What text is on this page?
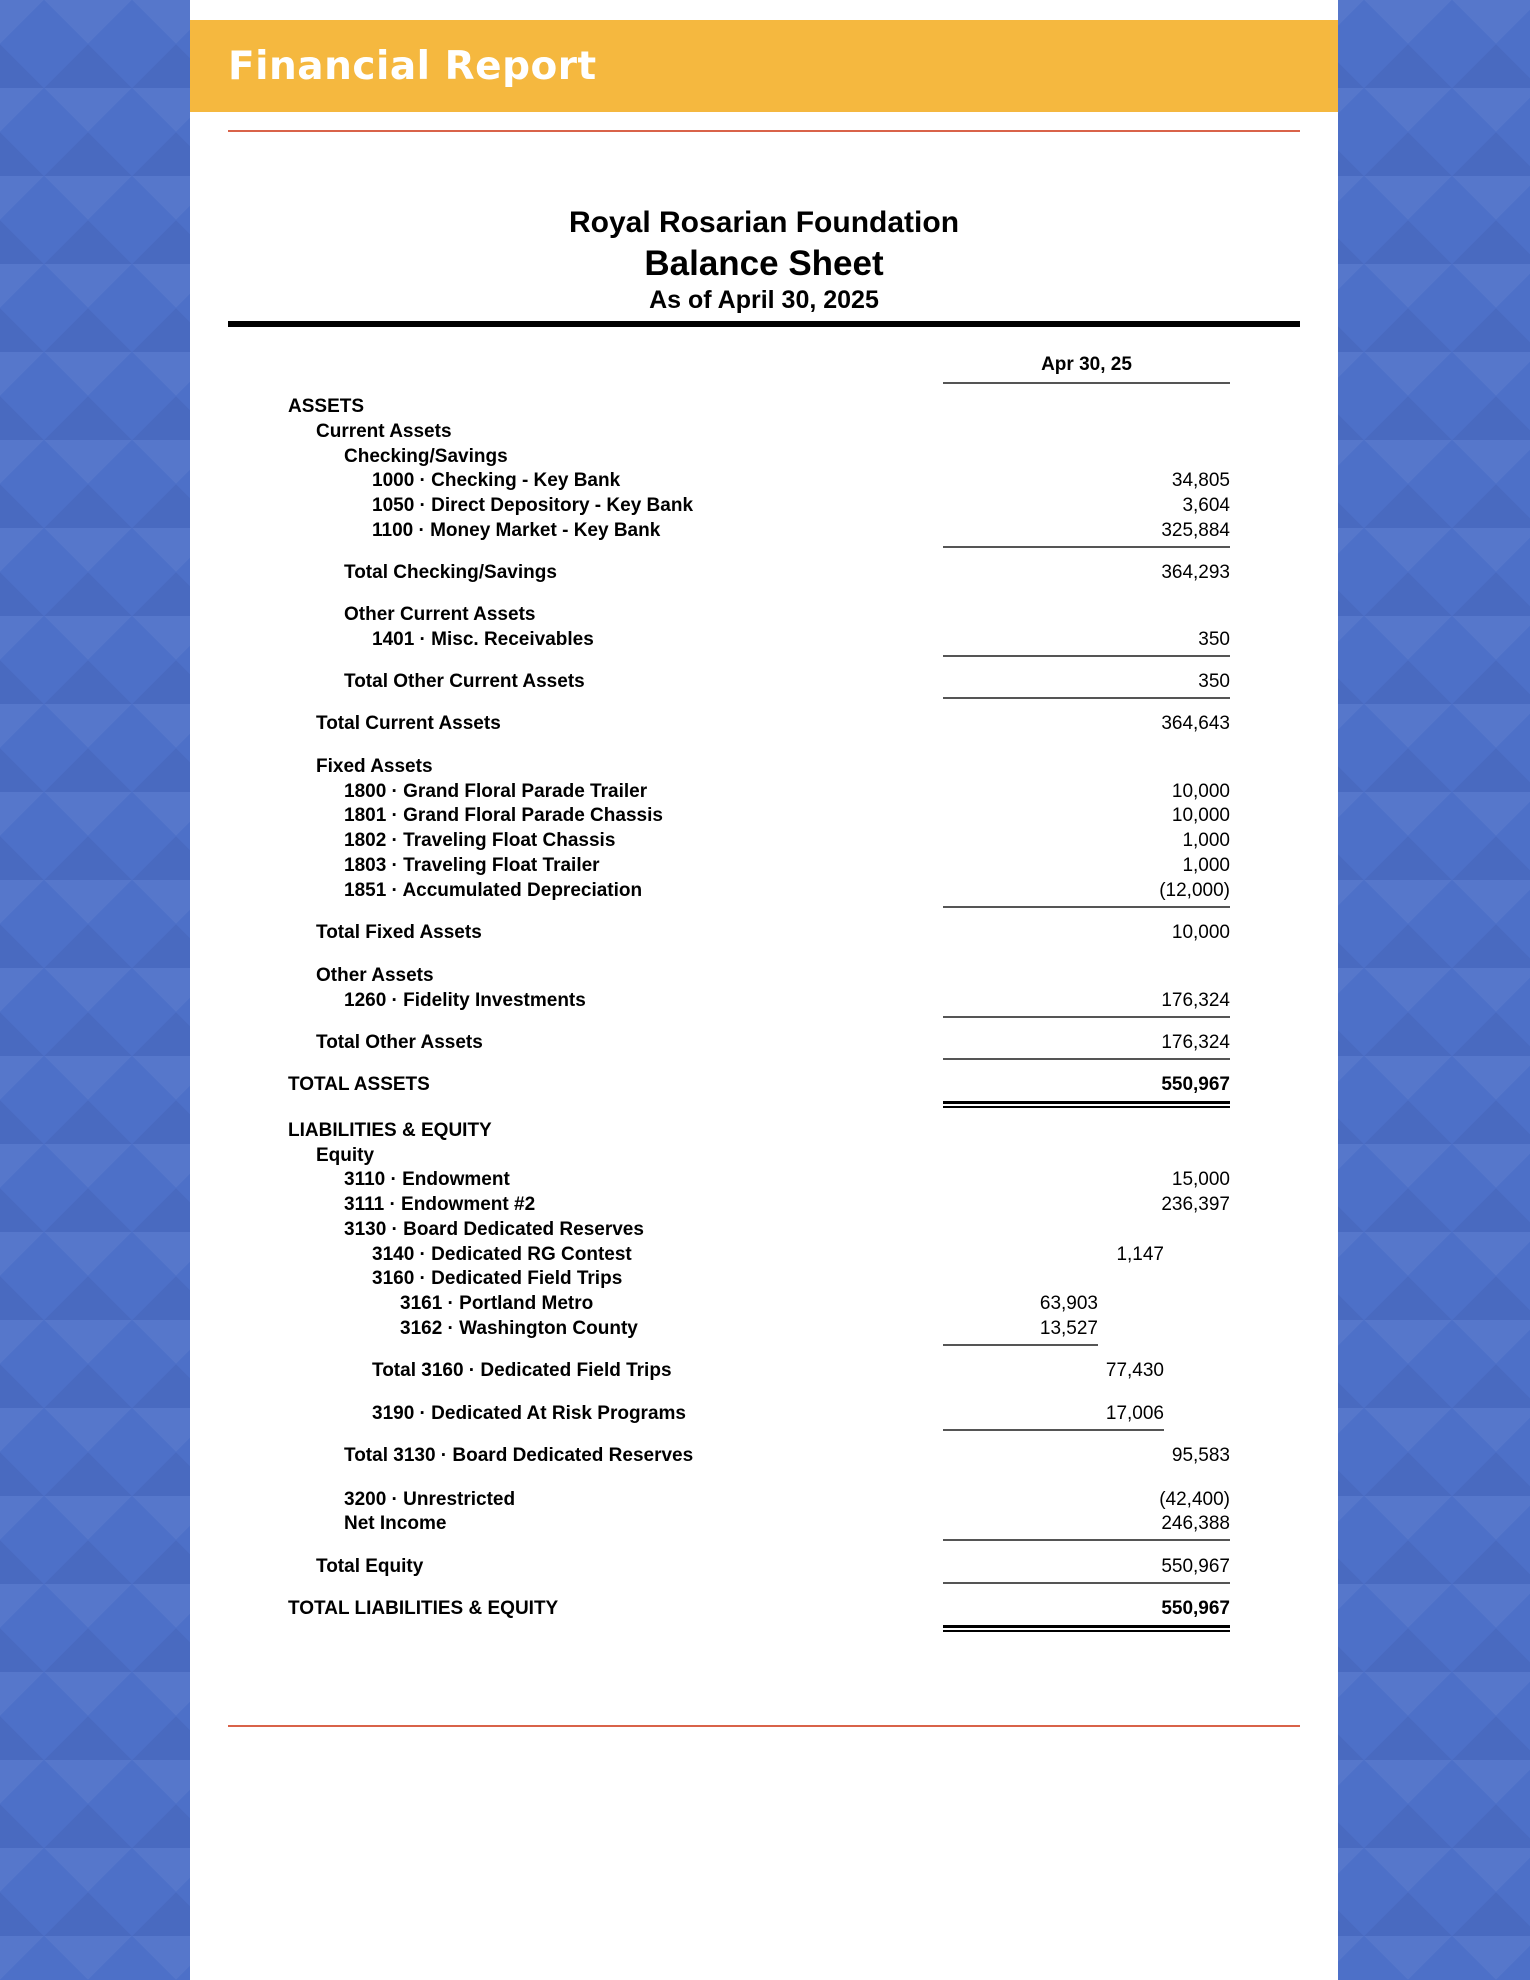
Financial Report
Royal Rosarian Foundation
Balance Sheet
As of April 30, 2025
Apr 30, 25
ASSETS
Current Assets
Checking/Savings
1000 · Checking - Key Bank	34,805
1050 · Direct Depository - Key Bank	3,604
1100 · Money Market - Key Bank	325,884
Total Checking/Savings	364,293
Other Current Assets
1401 · Misc. Receivables	350
Total Other Current Assets	350
Total Current Assets	364,643
Fixed Assets
1800 · Grand Floral Parade Trailer	10,000
1801 · Grand Floral Parade Chassis	10,000
1802 · Traveling Float Chassis	1,000
1803 · Traveling Float Trailer	1,000
1851 · Accumulated Depreciation	(12,000)
Total Fixed Assets	10,000
Other Assets
1260 · Fidelity Investments	176,324
Total Other Assets	176,324
TOTAL ASSETS	550,967
LIABILITIES & EQUITY
Equity
3110 · Endowment	15,000
3111 · Endowment #2	236,397
3130 · Board Dedicated Reserves
3140 · Dedicated RG Contest	1,147
3160 · Dedicated Field Trips
3161 · Portland Metro	63,903
3162 · Washington County	13,527
Total 3160 · Dedicated Field Trips	77,430
3190 · Dedicated At Risk Programs	17,006
Total 3130 · Board Dedicated Reserves	95,583
3200 · Unrestricted	(42,400)
Net Income	246,388
Total Equity	550,967
TOTAL LIABILITIES & EQUITY	550,967
